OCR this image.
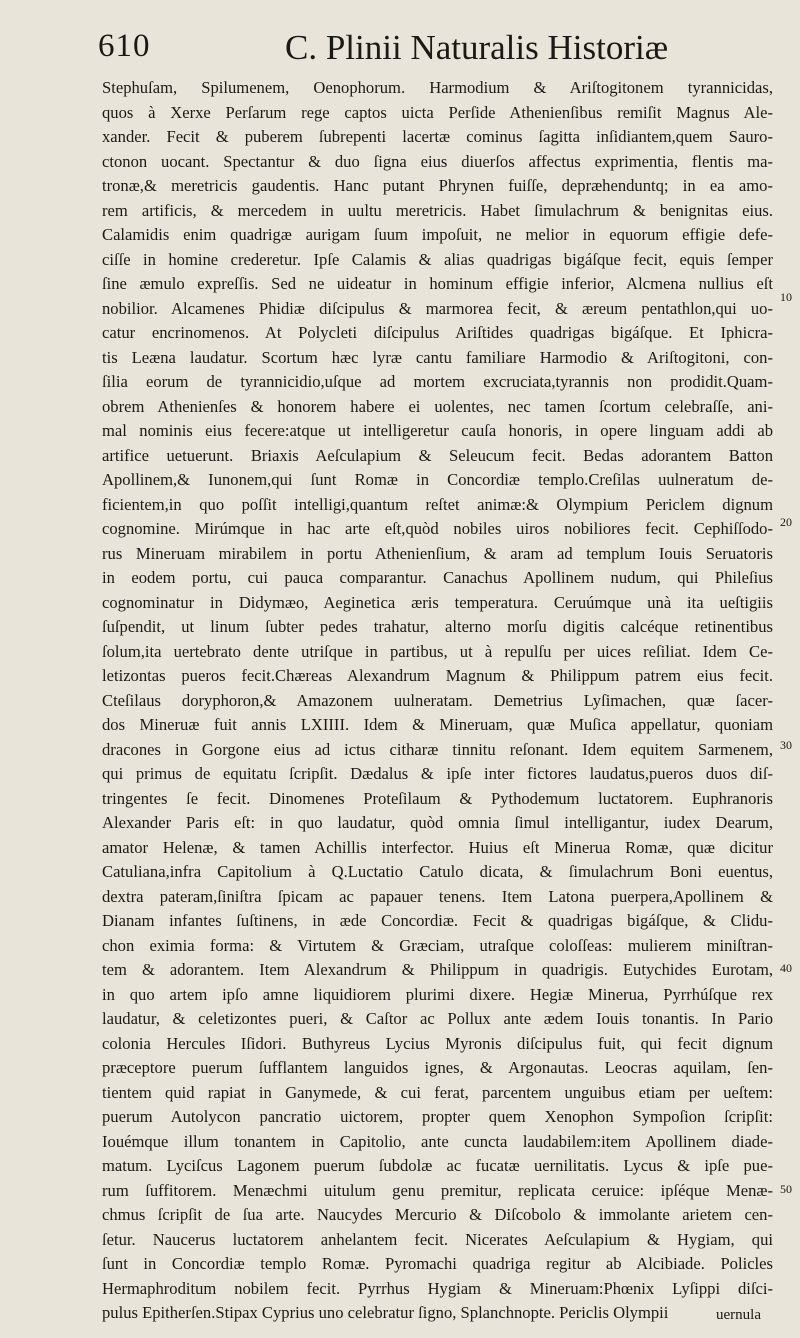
610	C. Plinii Naturalis Historiæ
Stephuſam, Spilumenem, Oenophorum. Harmodium & Ariſtogitonem tyrannicidas,
quos à Xerxe Perſarum rege captos uicta Perſide Athenienſibus remiſit Magnus Ale-
xander. Fecit & puberem ſubrepenti lacertæ cominus ſagitta inſidiantem,quem Sauro-
ctonon uocant. Spectantur & duo ſigna eius diuerſos affectus exprimentia, flentis ma-
tronæ,& meretricis gaudentis. Hanc putant Phrynen fuiſſe, depræhenduntq; in ea amo-
rem artificis, & mercedem in uultu meretricis. Habet ſimulachrum & benignitas eius.
Calamidis enim quadrigæ aurigam ſuum impoſuit, ne melior in equorum effigie defe-
ciſſe in homine crederetur. Ipſe Calamis & alias quadrigas bigáſque fecit, equis ſemper
ſine æmulo expreſſis. Sed ne uideatur in hominum effigie inferior, Alcmena nullius eſt
nobilior. Alcamenes Phidiæ diſcipulus & marmorea fecit, & æreum pentathlon,qui uo-
catur encrinomenos. At Polycleti diſcipulus Ariſtides quadrigas bigáſque. Et Iphicra-
tis Leæna laudatur. Scortum hæc lyræ cantu familiare Harmodio & Ariſtogitoni, con-
ſilia eorum de tyrannicidio,uſque ad mortem excruciata,tyrannis non prodidit.Quam-
obrem Athenienſes & honorem habere ei uolentes, nec tamen ſcortum celebraſſe, ani-
mal nominis eius fecere:atque ut intelligeretur cauſa honoris, in opere linguam addi ab
artifice uetuerunt. Briaxis Aeſculapium & Seleucum fecit. Bedas adorantem Batton
Apollinem,& Iunonem,qui ſunt Romæ in Concordiæ templo.Creſilas uulneratum de-
ficientem,in quo poſſit intelligi,quantum reſtet animæ:& Olympium Periclem dignum
cognomine. Mirúmque in hac arte eſt,quòd nobiles uiros nobiliores fecit. Cephiſſodo-
rus Mineruam mirabilem in portu Athenienſium, & aram ad templum Iouis Seruatoris
in eodem portu, cui pauca comparantur. Canachus Apollinem nudum, qui Phileſius
cognominatur in Didymæo, Aeginetica æris temperatura. Ceruúmque unà ita ueſtigiis
ſuſpendit, ut linum ſubter pedes trahatur, alterno morſu digitis calcéque retinentibus
ſolum,ita uertebrato dente utriſque in partibus, ut à repulſu per uices reſiliat. Idem Ce-
letizontas pueros fecit.Chæreas Alexandrum Magnum & Philippum patrem eius fecit.
Cteſilaus doryphoron,& Amazonem uulneratam. Demetrius Lyſimachen, quæ ſacer-
dos Mineruæ fuit annis LXIIII. Idem & Mineruam, quæ Muſica appellatur, quoniam
dracones in Gorgone eius ad ictus citharæ tinnitu reſonant. Idem equitem Sarmenem,
qui primus de equitatu ſcripſit. Dædalus & ipſe inter fictores laudatus,pueros duos diſ-
tringentes ſe fecit. Dinomenes Proteſilaum & Pythodemum luctatorem. Euphranoris
Alexander Paris eſt: in quo laudatur, quòd omnia ſimul intelligantur, iudex Dearum,
amator Helenæ, & tamen Achillis interfector. Huius eſt Minerua Romæ, quæ dicitur
Catuliana,infra Capitolium à Q.Luctatio Catulo dicata, & ſimulachrum Boni euentus,
dextra pateram,ſiniſtra ſpicam ac papauer tenens. Item Latona puerpera,Apollinem &
Dianam infantes ſuſtinens, in æde Concordiæ. Fecit & quadrigas bigáſque, & Clidu-
chon eximia forma: & Virtutem & Græciam, utraſque coloſſeas: mulierem miniſtran-
tem & adorantem. Item Alexandrum & Philippum in quadrigis. Eutychides Eurotam,
in quo artem ipſo amne liquidiorem plurimi dixere. Hegiæ Minerua, Pyrrhúſque rex
laudatur, & celetizontes pueri, & Caſtor ac Pollux ante ædem Iouis tonantis. In Pario
colonia Hercules Iſidori. Buthyreus Lycius Myronis diſcipulus fuit, qui fecit dignum
præceptore puerum ſufflantem languidos ignes, & Argonautas. Leocras aquilam, ſen-
tientem quid rapiat in Ganymede, & cui ferat, parcentem unguibus etiam per ueſtem:
puerum Autolycon pancratio uictorem, propter quem Xenophon Sympoſion ſcripſit:
Iouémque illum tonantem in Capitolio, ante cuncta laudabilem:item Apollinem diade-
matum. Lyciſcus Lagonem puerum ſubdolæ ac fucatæ uernilitatis. Lycus & ipſe pue-
rum ſuffitorem. Menæchmi uitulum genu premitur, replicata ceruice: ipſéque Menæ-
chmus ſcripſit de ſua arte. Naucydes Mercurio & Diſcobolo & immolante arietem cen-
ſetur. Naucerus luctatorem anhelantem fecit. Nicerates Aeſculapium & Hygiam, qui
ſunt in Concordiæ templo Romæ. Pyromachi quadriga regitur ab Alcibiade. Policles
Hermaphroditum nobilem fecit. Pyrrhus Hygiam & Mineruam:Phœnix Lyſippi diſci-
pulus Epitherſen.Stipax Cyprius uno celebratur ſigno, Splanchnopte. Periclis Olympii
10
20
30
40
50
uernula
